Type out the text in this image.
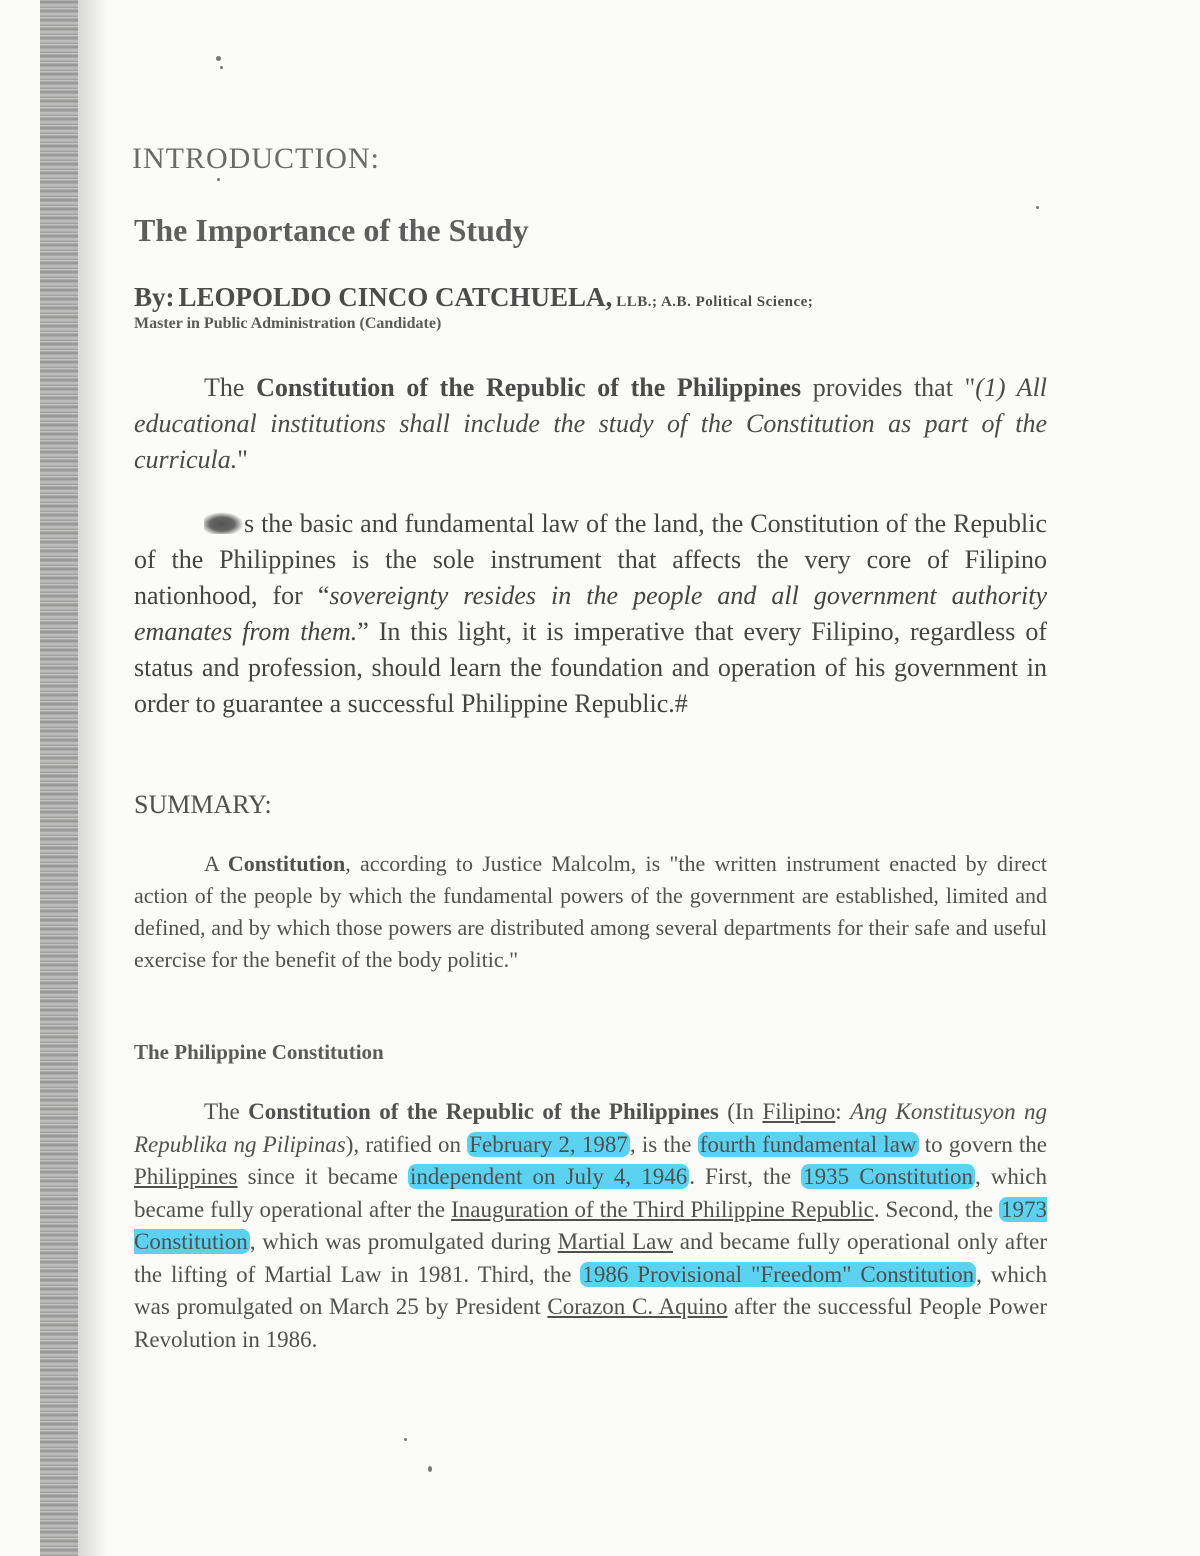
INTRODUCTION:
The Importance of the Study
By: LEOPOLDO CINCO CATCHUELA, LLB.; A.B. Political Science;
Master in Public Administration (Candidate)

The Constitution of the Republic of the Philippines provides that "(1) All educational institutions shall include the study of the Constitution as part of the curricula."

s the basic and fundamental law of the land, the Constitution of the Republic of the Philippines is the sole instrument that affects the very core of Filipino nationhood, for “sovereignty resides in the people and all government authority emanates from them.” In this light, it is imperative that every Filipino, regardless of status and profession, should learn the foundation and operation of his government in order to guarantee a successful Philippine Republic.#

SUMMARY:

A Constitution, according to Justice Malcolm, is "the written instrument enacted by direct action of the people by which the fundamental powers of the government are established, limited and defined, and by which those powers are distributed among several departments for their safe and useful exercise for the benefit of the body politic."

The Philippine Constitution

The Constitution of the Republic of the Philippines (In Filipino: Ang Konstitusyon ng Republika ng Pilipinas), ratified on February 2, 1987, is the fourth fundamental law to govern the Philippines since it became independent on July 4, 1946. First, the 1935 Constitution, which became fully operational after the Inauguration of the Third Philippine Republic. Second, the 1973 Constitution, which was promulgated during Martial Law and became fully operational only after the lifting of Martial Law in 1981. Third, the 1986 Provisional "Freedom" Constitution, which was promulgated on March 25 by President Corazon C. Aquino after the successful People Power Revolution in 1986.
